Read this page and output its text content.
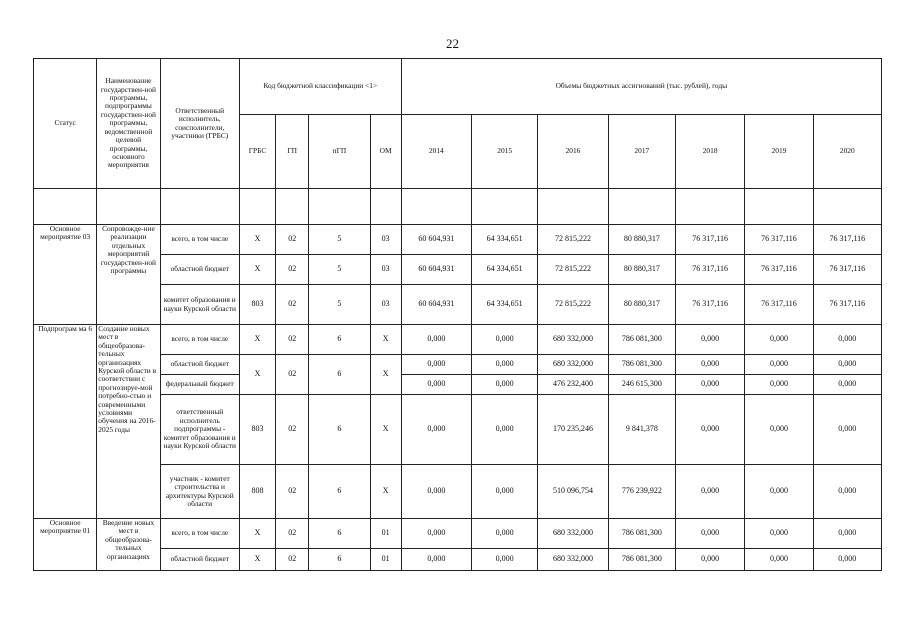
22
Статус	Наименование государствен-ной программы, подпрограммы государствен-ной программы, ведомственной целевой программы, основного мероприятия	Ответственный исполнитель, соисполнители, участники (ГРБС)	Код бюджетной классификации <1>				Объемы бюджетных ассигнований (тыс. рублей), годы						
			ГРБС	ГП	пГП	ОМ	2014	2015	2016	2017	2018	2019	2020

Основное мероприятие 03	Сопровожде-ние реализации отдельных мероприятий государствен-ной программы	всего, в том числе	X	02	5	03	60 604,931	64 334,651	72 815,222	80 880,317	76 317,116	76 317,116	76 317,116
		областной бюджет	X	02	5	03	60 604,931	64 334,651	72 815,222	80 880,317	76 317,116	76 317,116	76 317,116
		комитет образования и науки Курской области	803	02	5	03	60 604,931	64 334,651	72 815,222	80 880,317	76 317,116	76 317,116	76 317,116
Подпрограм ма 6	Создание новых мест в общеобразова-тельных организациях Курской области в соответствии с прогнозируе-мой потребно-стью и современными условиями обучения на 2016-2025 годы	всего, в том числе	X	02	6	X	0,000	0,000	680 332,000	786 081,300	0,000	0,000	0,000
		областной бюджет	X	02	6	X	0,000	0,000	680 332,000	786 081,300	0,000	0,000	0,000
		федеральный бюджет					0,000	0,000	476 232,400	246 615,300	0,000	0,000	0,000
		ответственный исполнитель подпрограммы - комитет образования и науки Курской области	803	02	6	X	0,000	0,000	170 235,246	9 841,378	0,000	0,000	0,000
		участник - комитет строительства и архитектуры Курской области	808	02	6	X	0,000	0,000	510 096,754	776 239,922	0,000	0,000	0,000
Основное мероприятие 01	Введение новых мест в общеобразова-тельных организациях	всего, в том числе	X	02	6	01	0,000	0,000	680 332,000	786 081,300	0,000	0,000	0,000
		областной бюджет	X	02	6	01	0,000	0,000	680 332,000	786 081,300	0,000	0,000	0,000
